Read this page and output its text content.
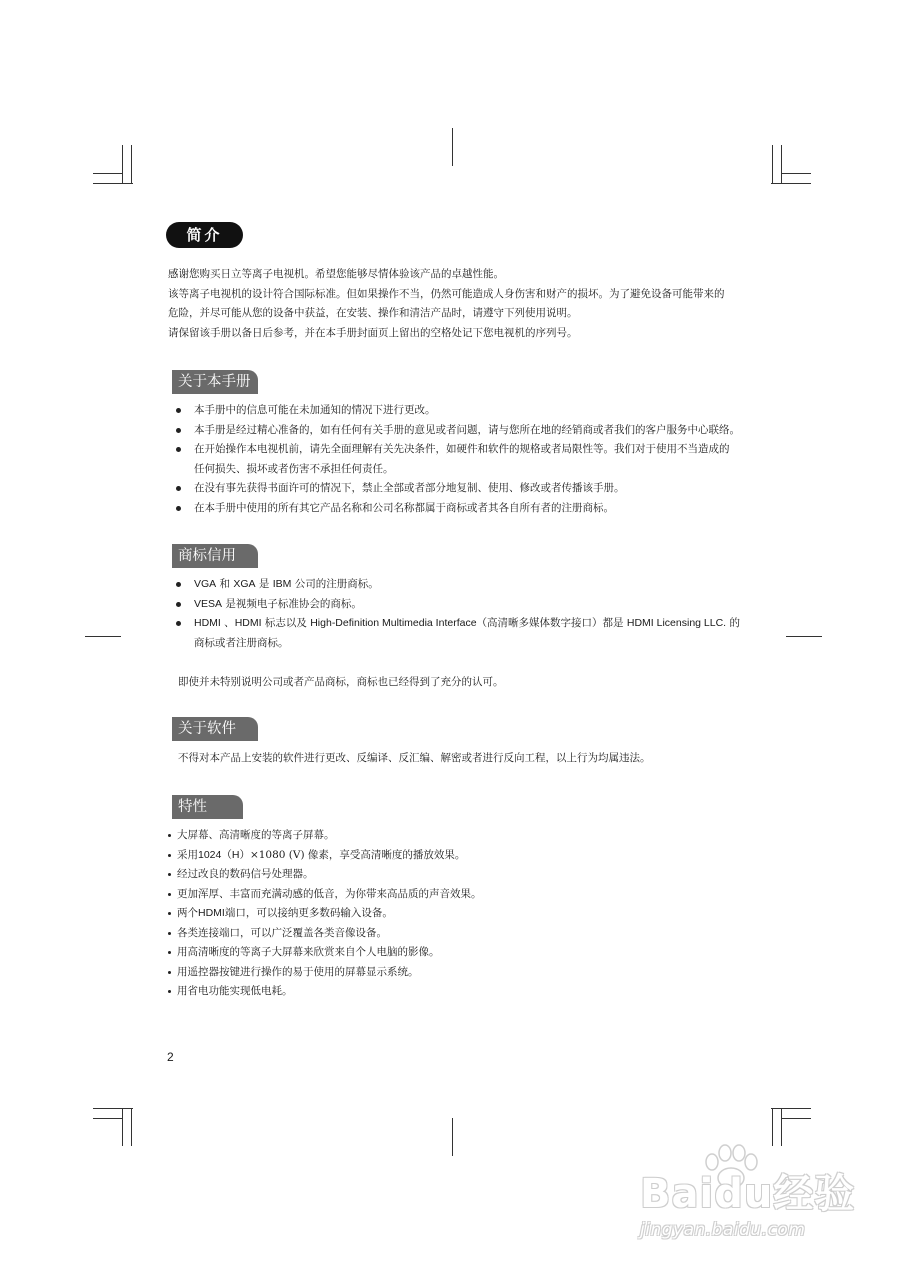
简介

感谢您购买日立等离子电视机。希望您能够尽情体验该产品的卓越性能。

该等离子电视机的设计符合国际标准。但如果操作不当，仍然可能造成人身伤害和财产的损坏。为了避免设备可能带来的

危险，并尽可能从您的设备中获益，在安装、操作和清洁产品时，请遵守下列使用说明。

请保留该手册以备日后参考，并在本手册封面页上留出的空格处记下您电视机的序列号。

关于本手册
本手册中的信息可能在未加通知的情况下进行更改。
本手册是经过精心准备的，如有任何有关手册的意见或者问题，请与您所在地的经销商或者我们的客户服务中心联络。
在开始操作本电视机前，请先全面理解有关先决条件，如硬件和软件的规格或者局限性等。我们对于使用不当造成的
任何损失、损坏或者伤害不承担任何责任。
在没有事先获得书面许可的情况下，禁止全部或者部分地复制、使用、修改或者传播该手册。
在本手册中使用的所有其它产品名称和公司名称都属于商标或者其各自所有者的注册商标。
商标信用
VGA 和 XGA 是 IBM 公司的注册商标。
VESA 是视频电子标准协会的商标。
HDMI 、HDMI 标志以及 High-Definition Multimedia Interface（高清晰多媒体数字接口）都是 HDMI Licensing LLC. 的
商标或者注册商标。
即使并未特别说明公司或者产品商标，商标也已经得到了充分的认可。
关于软件
不得对本产品上安装的软件进行更改、反编译、反汇编、解密或者进行反向工程，以上行为均属违法。
特性
大屏幕、高清晰度的等离子屏幕。
采用1024（H）×1080 (V) 像素，享受高清晰度的播放效果。
经过改良的数码信号处理器。
更加浑厚、丰富而充满动感的低音，为你带来高品质的声音效果。
两个HDMI端口，可以接纳更多数码输入设备。
各类连接端口，可以广泛覆盖各类音像设备。
用高清晰度的等离子大屏幕来欣赏来自个人电脑的影像。
用遥控器按键进行操作的易于使用的屏幕显示系统。
用省电功能实现低电耗。
2
Baidu经验
jingyan.baidu.com
